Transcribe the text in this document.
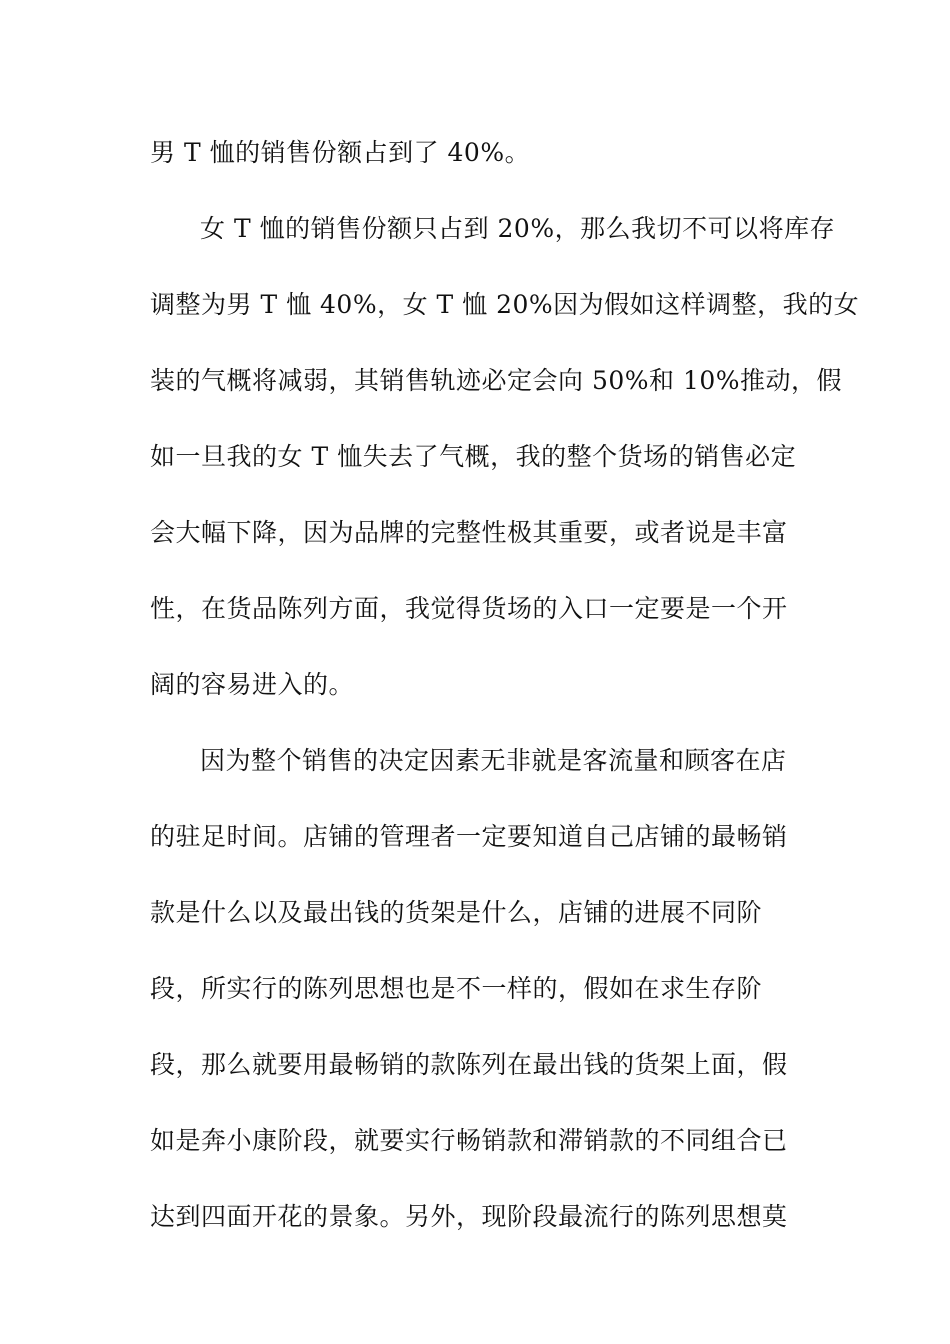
男 T 恤的销售份额占到了 40%。
女 T 恤的销售份额只占到 20%，那么我切不可以将库存
调整为男 T 恤 40%，女 T 恤 20%因为假如这样调整，我的女
装的气概将减弱，其销售轨迹必定会向 50%和 10%推动，假
如一旦我的女 T 恤失去了气概，我的整个货场的销售必定
会大幅下降，因为品牌的完整性极其重要，或者说是丰富
性，在货品陈列方面，我觉得货场的入口一定要是一个开
阔的容易进入的。
因为整个销售的决定因素无非就是客流量和顾客在店
的驻足时间。店铺的管理者一定要知道自己店铺的最畅销
款是什么以及最出钱的货架是什么，店铺的进展不同阶
段，所实行的陈列思想也是不一样的，假如在求生存阶
段，那么就要用最畅销的款陈列在最出钱的货架上面，假
如是奔小康阶段，就要实行畅销款和滞销款的不同组合已
达到四面开花的景象。另外，现阶段最流行的陈列思想莫
